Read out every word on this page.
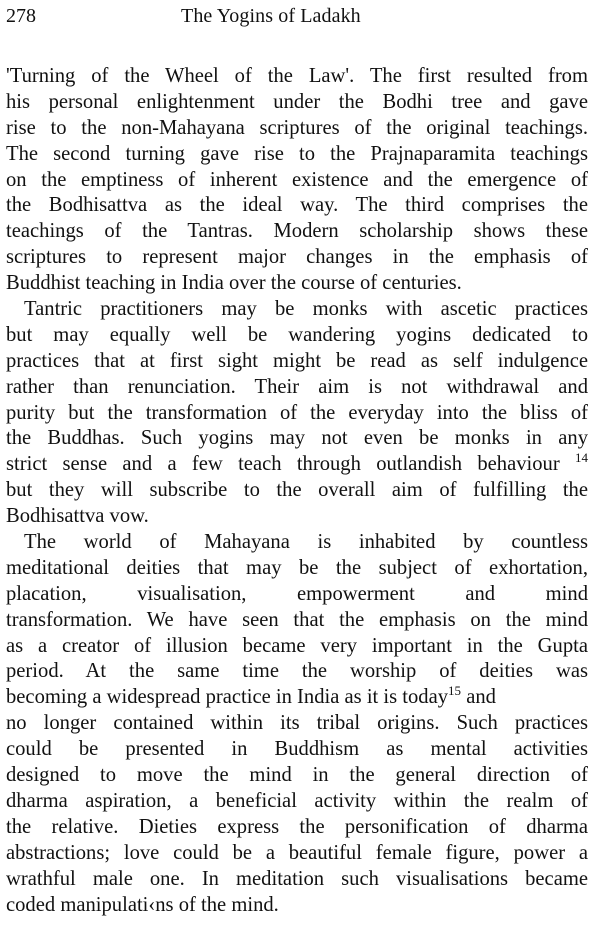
278	The Yogins of Ladakh
'Turning of the Wheel of the Law'. The first resulted from
his personal enlightenment under the Bodhi tree and gave
rise to the non-Mahayana scriptures of the original teachings.
The second turning gave rise to the Prajnaparamita teachings
on the emptiness of inherent existence and the emergence of
the Bodhisattva as the ideal way. The third comprises the
teachings of the Tantras. Modern scholarship shows these
scriptures to represent major changes in the emphasis of
Buddhist teaching in India over the course of centuries.
Tantric practitioners may be monks with ascetic practices
but may equally well be wandering yogins dedicated to
practices that at first sight might be read as self indulgence
rather than renunciation. Their aim is not withdrawal and
purity but the transformation of the everyday into the bliss of
the Buddhas. Such yogins may not even be monks in any
strict sense and a few teach through outlandish behaviour $^{14}$
but they will subscribe to the overall aim of fulfilling the
Bodhisattva vow.
The world of Mahayana is inhabited by countless
meditational deities that may be the subject of exhortation,
placation, visualisation, empowerment and mind
transformation. We have seen that the emphasis on the mind
as a creator of illusion became very important in the Gupta
period. At the same time the worship of deities was
becoming a widespread practice in India as it is today$^{15}$ and
no longer contained within its tribal origins. Such practices
could be presented in Buddhism as mental activities
designed to move the mind in the general direction of
dharma aspiration, a beneficial activity within the realm of
the relative. Dieties express the personification of dharma
abstractions; love could be a beautiful female figure, power a
wrathful male one. In meditation such visualisations became
coded manipulati‹ns of the mind.
